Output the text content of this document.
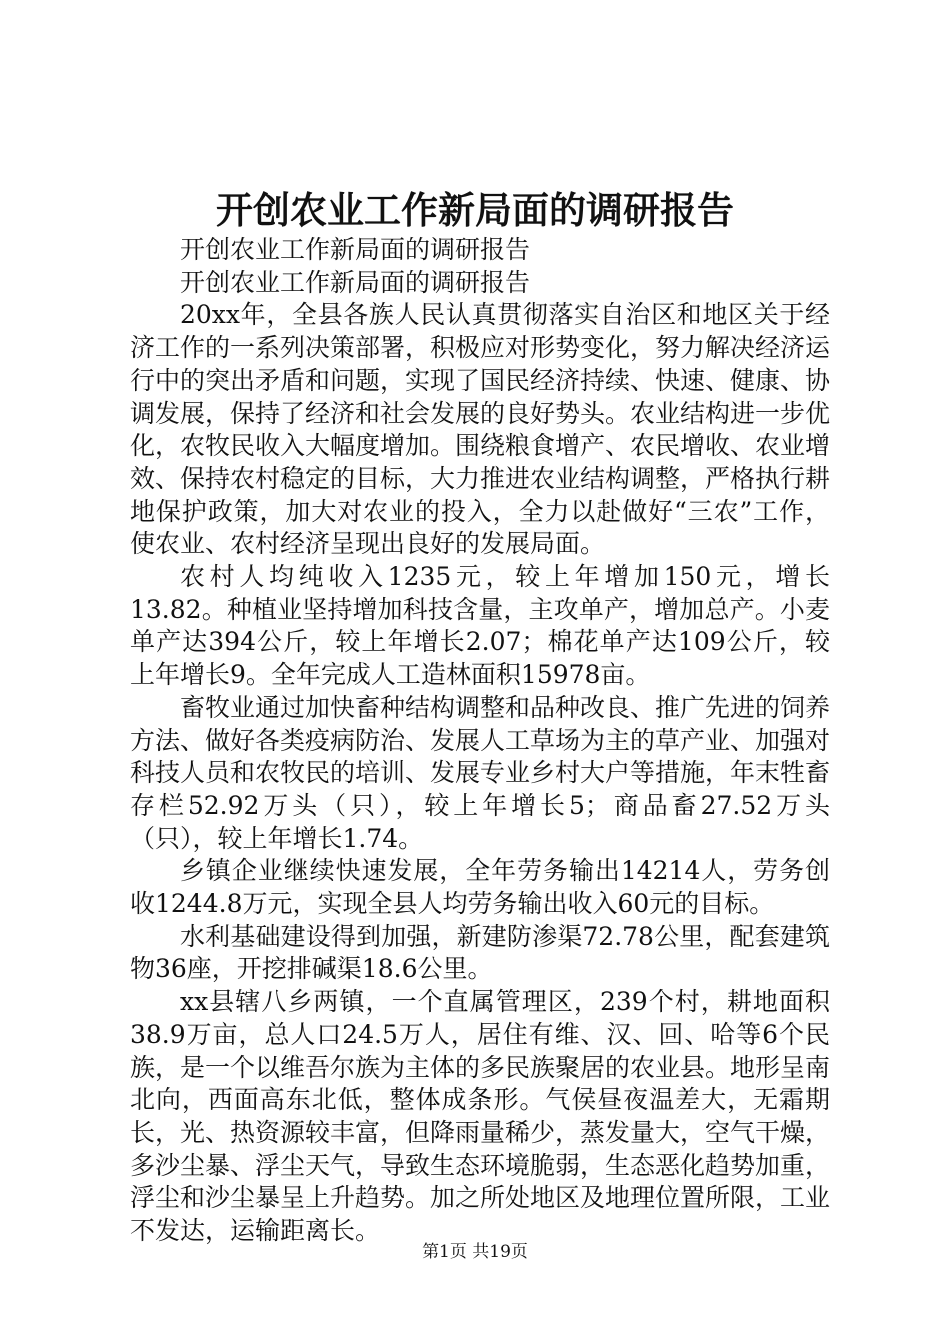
开创农业工作新局面的调研报告

开创农业工作新局面的调研报告

开创农业工作新局面的调研报告

20xx年，全县各族人民认真贯彻落实自治区和地区关于经济工作的一系列决策部署，积极应对形势变化，努力解决经济运行中的突出矛盾和问题，实现了国民经济持续、快速、健康、协调发展，保持了经济和社会发展的良好势头。农业结构进一步优化，农牧民收入大幅度增加。围绕粮食增产、农民增收、农业增效、保持农村稳定的目标，大力推进农业结构调整，严格执行耕地保护政策，加大对农业的投入，全力以赴做好“三农”工作，使农业、农村经济呈现出良好的发展局面。

农村人均纯收入1235元，较上年增加150元，增长13.82。种植业坚持增加科技含量，主攻单产，增加总产。小麦单产达394公斤，较上年增长2.07；棉花单产达109公斤，较上年增长9。全年完成人工造林面积15978亩。

畜牧业通过加快畜种结构调整和品种改良、推广先进的饲养方法、做好各类疫病防治、发展人工草场为主的草产业、加强对科技人员和农牧民的培训、发展专业乡村大户等措施，年末牲畜存栏52.92万头（只），较上年增长5；商品畜27.52万头（只），较上年增长1.74。

乡镇企业继续快速发展，全年劳务输出14214人，劳务创收1244.8万元，实现全县人均劳务输出收入60元的目标。

水利基础建设得到加强，新建防渗渠72.78公里，配套建筑物36座，开挖排碱渠18.6公里。

xx县辖八乡两镇，一个直属管理区，239个村，耕地面积38.9万亩，总人口24.5万人，居住有维、汉、回、哈等6个民族，是一个以维吾尔族为主体的多民族聚居的农业县。地形呈南北向，西面高东北低，整体成条形。气侯昼夜温差大，无霜期长，光、热资源较丰富，但降雨量稀少，蒸发量大，空气干燥，多沙尘暴、浮尘天气，导致生态环境脆弱，生态恶化趋势加重，浮尘和沙尘暴呈上升趋势。加之所处地区及地理位置所限，工业不发达，运输距离长。

第1页 共19页
